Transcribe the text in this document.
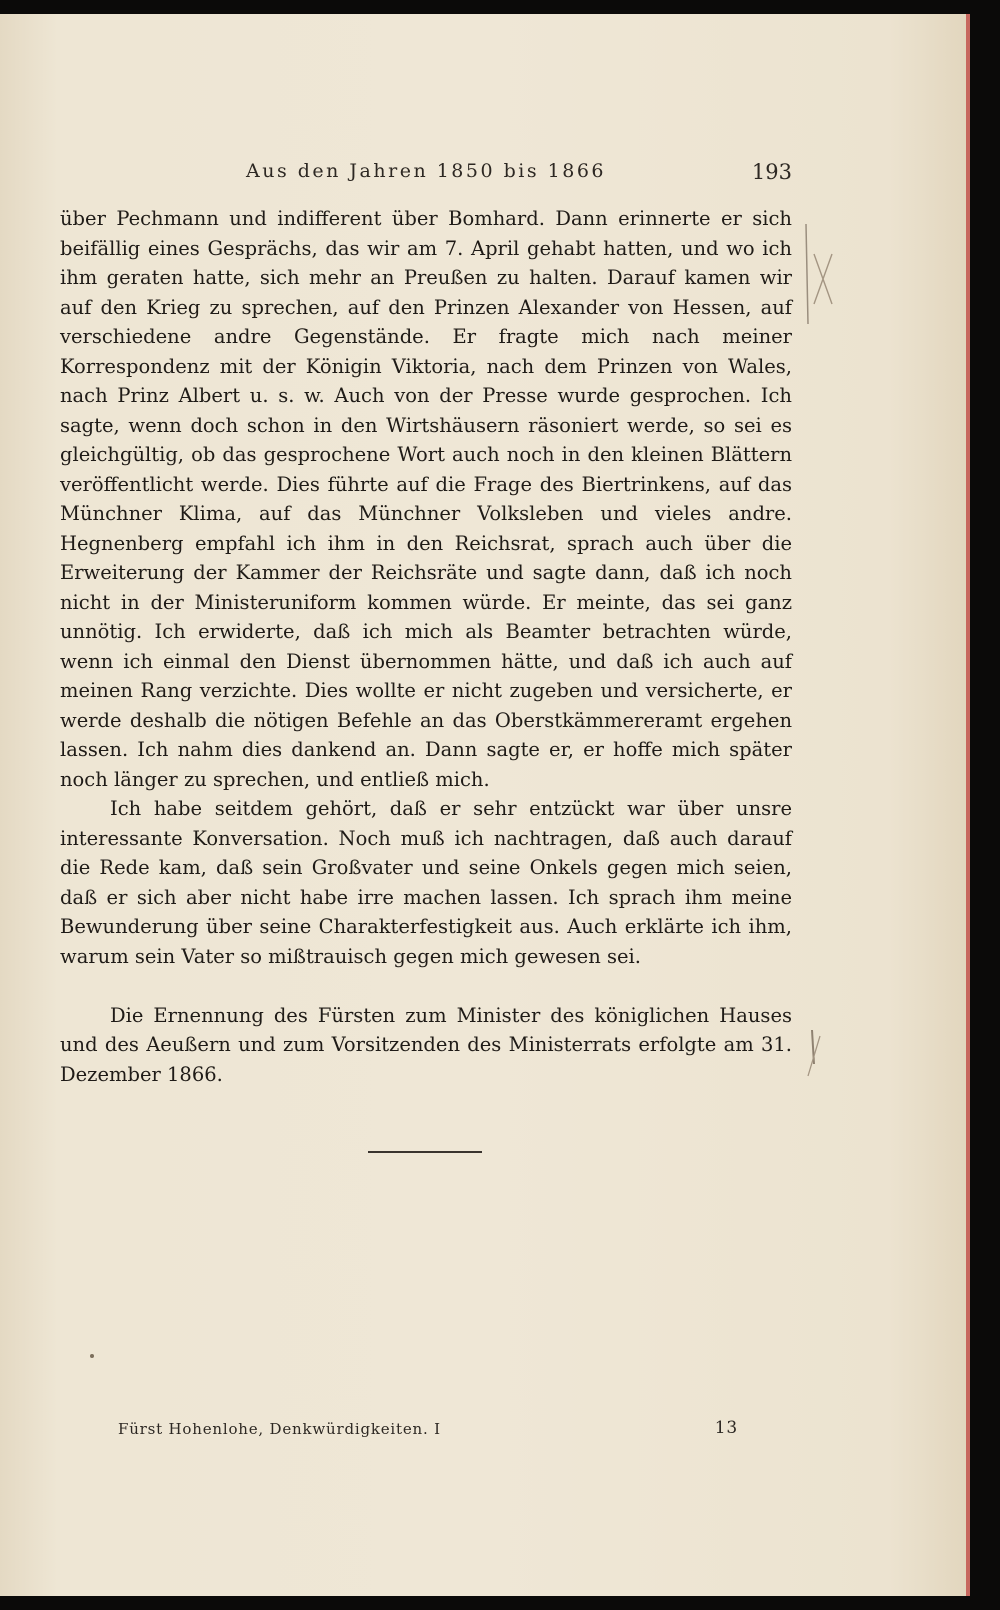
Aus den Jahren 1850 bis 1866	193

über Pechmann und indifferent über Bomhard. Dann erinnerte er sich beifällig eines Gesprächs, das wir am 7. April gehabt hatten, und wo ich ihm geraten hatte, sich mehr an Preußen zu halten. Darauf kamen wir auf den Krieg zu sprechen, auf den Prinzen Alexander von Hessen, auf verschiedene andre Gegenstände. Er fragte mich nach meiner Korrespondenz mit der Königin Viktoria, nach dem Prinzen von Wales, nach Prinz Albert u. s. w. Auch von der Presse wurde gesprochen. Ich sagte, wenn doch schon in den Wirtshäusern räsoniert werde, so sei es gleichgültig, ob das gesprochene Wort auch noch in den kleinen Blättern veröffentlicht werde. Dies führte auf die Frage des Biertrinkens, auf das Münchner Klima, auf das Münchner Volksleben und vieles andre. Hegnenberg empfahl ich ihm in den Reichsrat, sprach auch über die Erweiterung der Kammer der Reichsräte und sagte dann, daß ich noch nicht in der Ministeruniform kommen würde. Er meinte, das sei ganz unnötig. Ich erwiderte, daß ich mich als Beamter betrachten würde, wenn ich einmal den Dienst übernommen hätte, und daß ich auch auf meinen Rang verzichte. Dies wollte er nicht zugeben und versicherte, er werde deshalb die nötigen Befehle an das Oberstkämmereramt ergehen lassen. Ich nahm dies dankend an. Dann sagte er, er hoffe mich später noch länger zu sprechen, und entließ mich.

Ich habe seitdem gehört, daß er sehr entzückt war über unsre interessante Konversation. Noch muß ich nachtragen, daß auch darauf die Rede kam, daß sein Großvater und seine Onkels gegen mich seien, daß er sich aber nicht habe irre machen lassen. Ich sprach ihm meine Bewunderung über seine Charakterfestigkeit aus. Auch erklärte ich ihm, warum sein Vater so mißtrauisch gegen mich gewesen sei.

Die Ernennung des Fürsten zum Minister des königlichen Hauses und des Aeußern und zum Vorsitzenden des Ministerrats erfolgte am 31. Dezember 1866.

Fürst Hohenlohe, Denkwürdigkeiten. I	13
